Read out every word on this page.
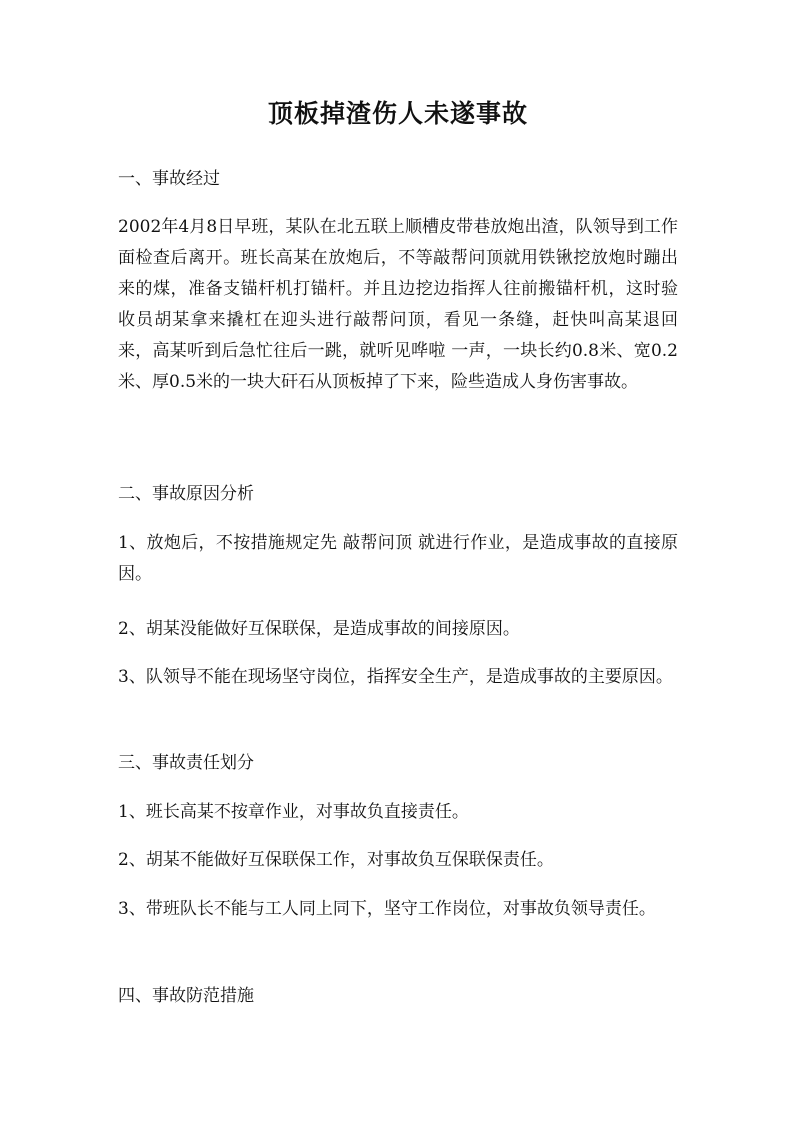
顶板掉渣伤人未遂事故
一、事故经过
2002年4月8日早班，某队在北五联上顺槽皮带巷放炮出渣，队领导到工作面检查后离开。班长高某在放炮后，不等敲帮问顶就用铁锹挖放炮时蹦出来的煤，准备支锚杆机打锚杆。并且边挖边指挥人往前搬锚杆机，这时验收员胡某拿来撬杠在迎头进行敲帮问顶，看见一条缝，赶快叫高某退回来，高某听到后急忙往后一跳，就听见哗啦 一声，一块长约0.8米、宽0.2米、厚0.5米的一块大矸石从顶板掉了下来，险些造成人身伤害事故。
二、事故原因分析
1、放炮后，不按措施规定先 敲帮问顶 就进行作业，是造成事故的直接原因。
2、胡某没能做好互保联保，是造成事故的间接原因。
3、队领导不能在现场坚守岗位，指挥安全生产，是造成事故的主要原因。
三、事故责任划分
1、班长高某不按章作业，对事故负直接责任。
2、胡某不能做好互保联保工作，对事故负互保联保责任。
3、带班队长不能与工人同上同下，坚守工作岗位，对事故负领导责任。
四、事故防范措施
